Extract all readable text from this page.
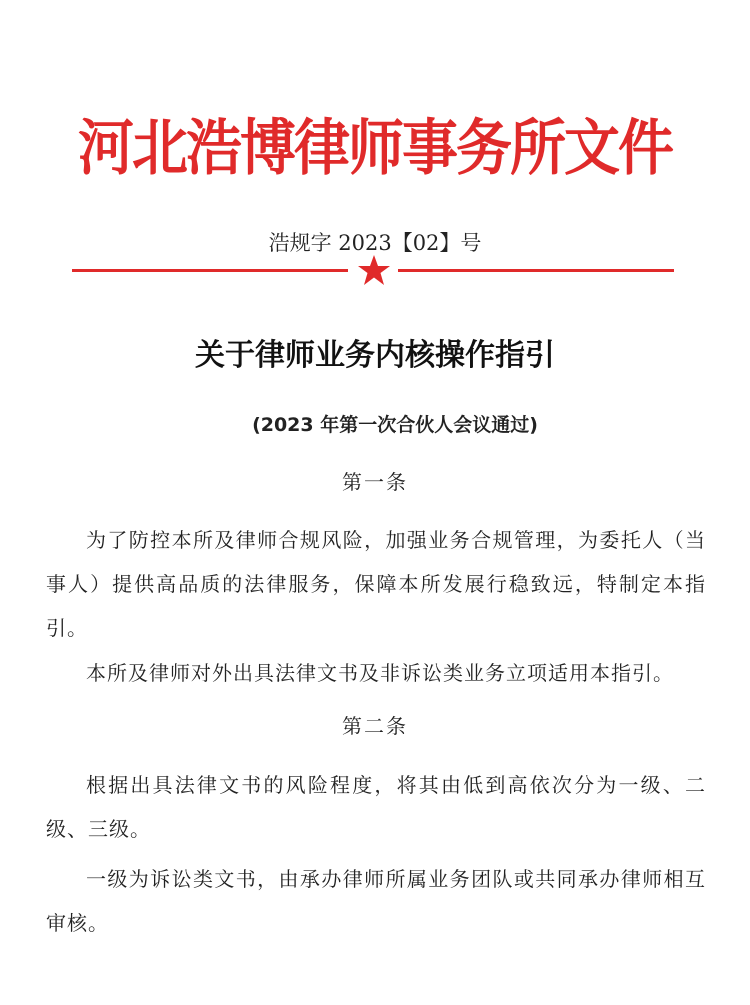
河北浩博律师事务所文件
浩规字 2023【02】号
关于律师业务内核操作指引
(2023 年第一次合伙人会议通过)
第一条
为了防控本所及律师合规风险，加强业务合规管理，为委托人（当事人）提供高品质的法律服务，保障本所发展行稳致远，特制定本指引。
本所及律师对外出具法律文书及非诉讼类业务立项适用本指引。
第二条
根据出具法律文书的风险程度，将其由低到高依次分为一级、二级、三级。
一级为诉讼类文书，由承办律师所属业务团队或共同承办律师相互审核。
